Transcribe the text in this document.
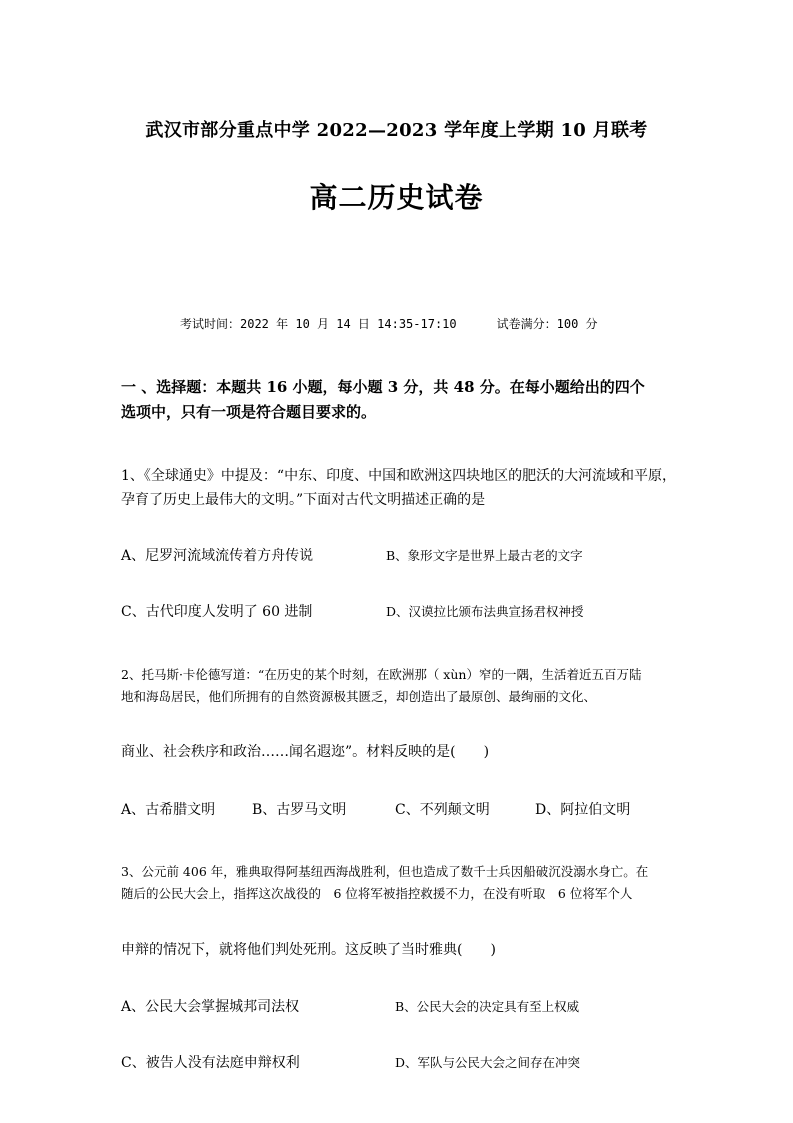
武汉市部分重点中学 2022—2023 学年度上学期 10 月联考
高二历史试卷
考试时间：2022 年 10 月 14 日 14:35-17:10	试卷满分：100 分
一 、选择题：本题共 16 小题，每小题 3 分，共 48 分。在每小题给出的四个
选项中，只有一项是符合题目要求的。
1、《全球通史》中提及：“中东、印度、中国和欧洲这四块地区的肥沃的大河流域和平原，
孕育了历史上最伟大的文明。”下面对古代文明描述正确的是
A、尼罗河流域流传着方舟传说	B、象形文字是世界上最古老的文字
C、古代印度人发明了 60 进制	D、汉谟拉比颁布法典宣扬君权神授
2、托马斯·卡伦德写道：“在历史的某个时刻，在欧洲那（ xùn）窄的一隅，生活着近五百万陆
地和海岛居民，他们所拥有的自然资源极其匮乏，却创造出了最原创、最绚丽的文化、
商业、社会秩序和政治……闻名遐迩”。材料反映的是(　　)
A、古希腊文明	B、古罗马文明	C、不列颠文明	D、阿拉伯文明
3、公元前 406 年，雅典取得阿基纽西海战胜利，但也造成了数千士兵因船破沉没溺水身亡。在
随后的公民大会上，指挥这次战役的　6 位将军被指控救援不力，在没有听取　6 位将军个人
申辩的情况下，就将他们判处死刑。这反映了当时雅典(　　)
A、公民大会掌握城邦司法权	B、公民大会的决定具有至上权威
C、被告人没有法庭申辩权利	D、军队与公民大会之间存在冲突
